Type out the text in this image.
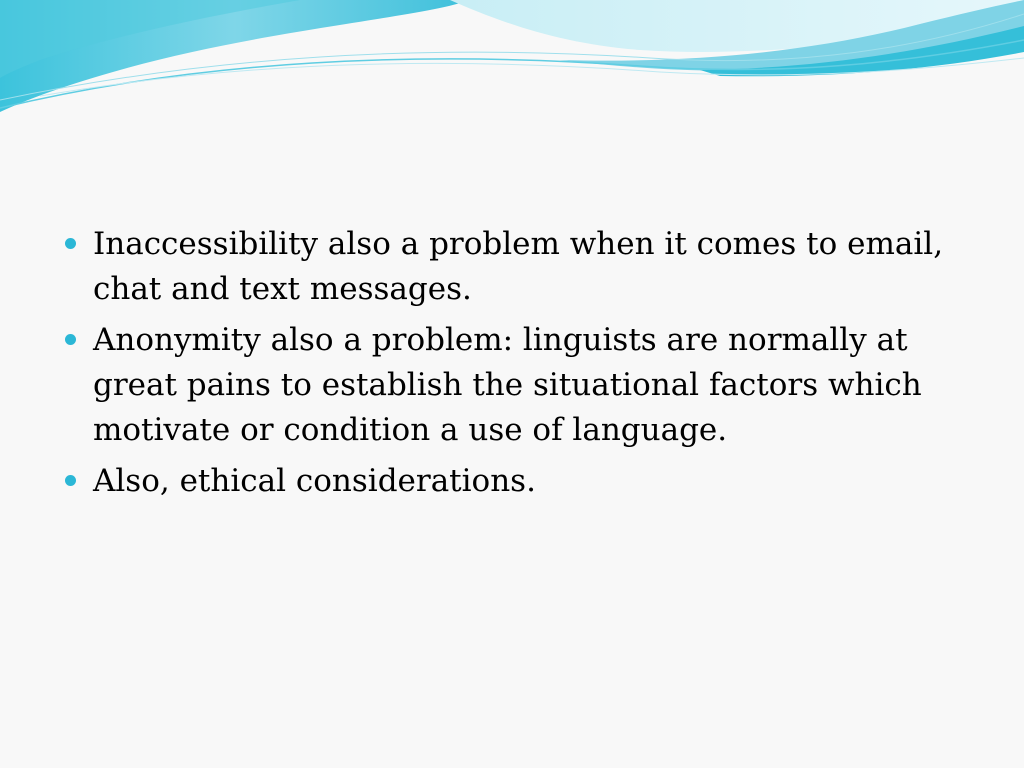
Inaccessibility also a problem when it comes to email, chat and text messages.
Anonymity also a problem: linguists are normally at great pains to establish the situational factors which motivate or condition a use of language.
Also, ethical considerations.
